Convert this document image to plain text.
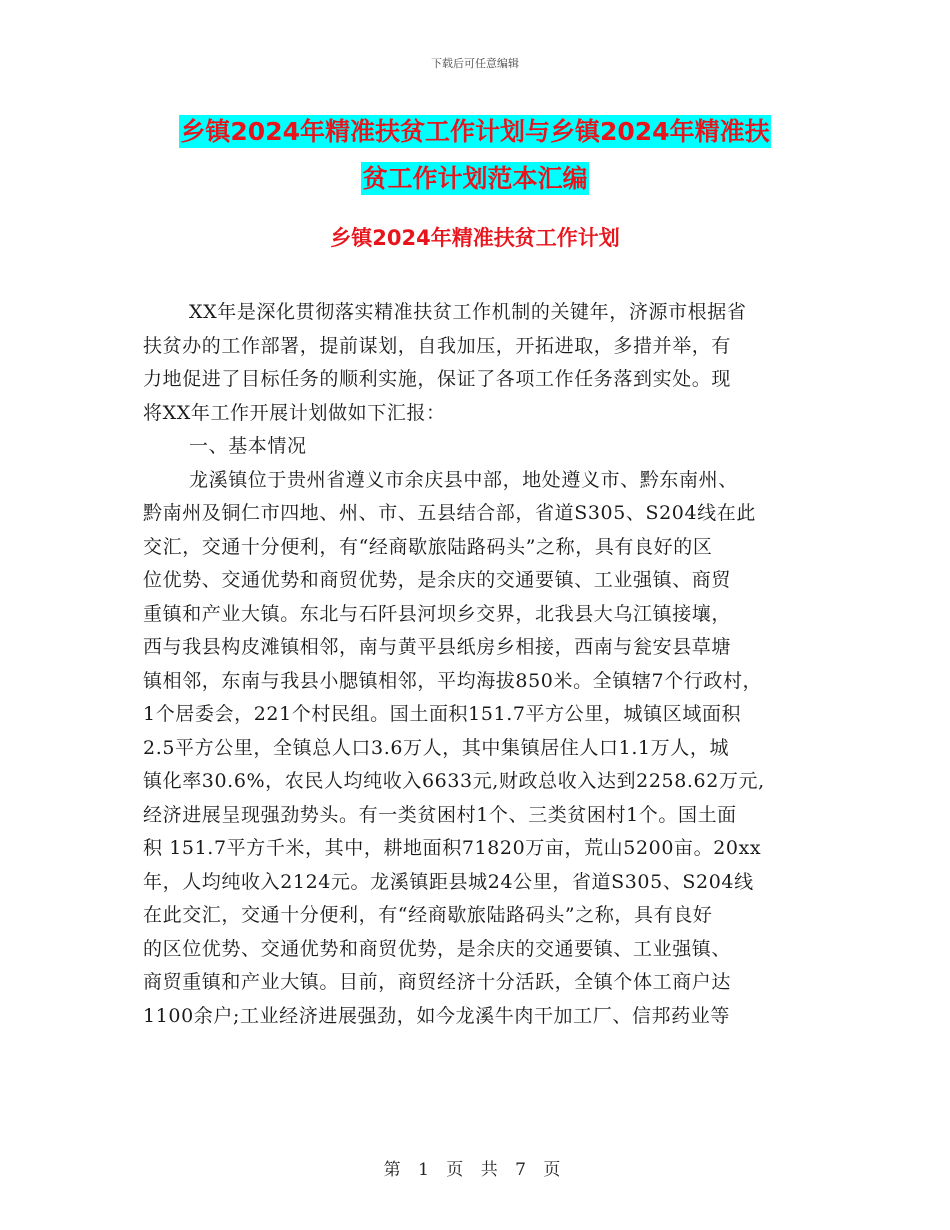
下载后可任意编辑
乡镇2024年精准扶贫工作计划与乡镇2024年精准扶
贫工作计划范本汇编
乡镇2024年精准扶贫工作计划
XX年是深化贯彻落实精准扶贫工作机制的关键年，济源市根据省
扶贫办的工作部署，提前谋划，自我加压，开拓进取，多措并举，有
力地促进了目标任务的顺利实施，保证了各项工作任务落到实处。现
将XX年工作开展计划做如下汇报：
一、基本情况
龙溪镇位于贵州省遵义市余庆县中部，地处遵义市、黔东南州、
黔南州及铜仁市四地、州、市、五县结合部，省道S305、S204线在此
交汇，交通十分便利，有“经商歇旅陆路码头”之称，具有良好的区
位优势、交通优势和商贸优势，是余庆的交通要镇、工业强镇、商贸
重镇和产业大镇。东北与石阡县河坝乡交界，北我县大乌江镇接壤，
西与我县构皮滩镇相邻，南与黄平县纸房乡相接，西南与瓮安县草塘
镇相邻，东南与我县小腮镇相邻，平均海拔850米。全镇辖7个行政村，
1个居委会，221个村民组。国土面积151.7平方公里，城镇区域面积
2.5平方公里，全镇总人口3.6万人，其中集镇居住人口1.1万人，城
镇化率30.6%，农民人均纯收入6633元,财政总收入达到2258.62万元,
经济进展呈现强劲势头。有一类贫困村1个、三类贫困村1个。国土面
积 151.7平方千米，其中，耕地面积71820万亩，荒山5200亩。20xx
年，人均纯收入2124元。龙溪镇距县城24公里，省道S305、S204线
在此交汇，交通十分便利，有“经商歇旅陆路码头”之称，具有良好
的区位优势、交通优势和商贸优势，是余庆的交通要镇、工业强镇、
商贸重镇和产业大镇。目前，商贸经济十分活跃，全镇个体工商户达
1100余户;工业经济进展强劲，如今龙溪牛肉干加工厂、信邦药业等
第 1 页 共 7 页
